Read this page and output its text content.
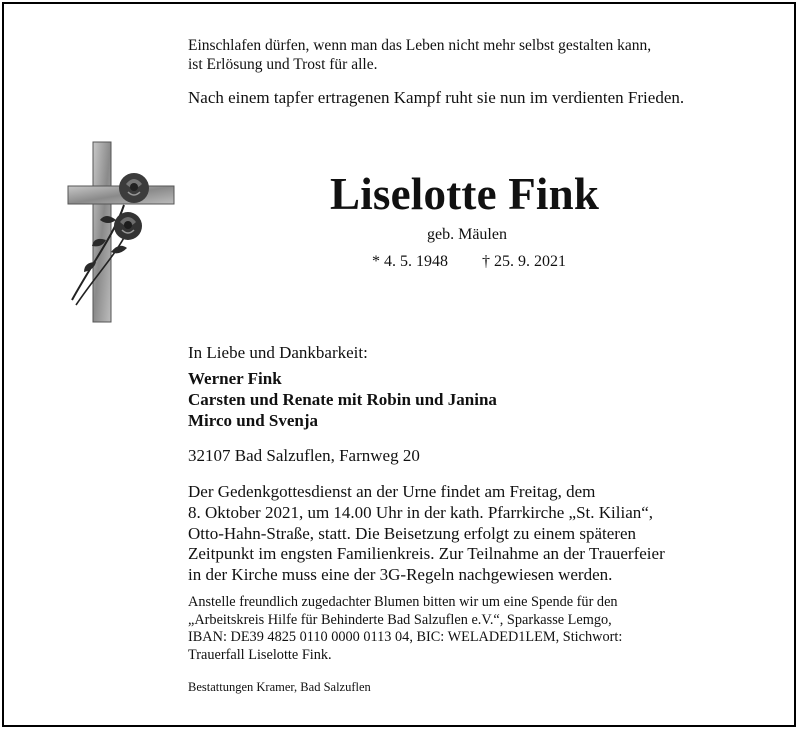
Einschlafen dürfen, wenn man das Leben nicht mehr selbst gestalten kann,
ist Erlösung und Trost für alle.
Nach einem tapfer ertragenen Kampf ruht sie nun im verdienten Frieden.
Liselotte Fink
geb. Mäulen
* 4. 5. 1948 † 25. 9. 2021
In Liebe und Dankbarkeit:
Werner Fink
Carsten und Renate mit Robin und Janina
Mirco und Svenja
32107 Bad Salzuflen, Farnweg 20
Der Gedenkgottesdienst an der Urne findet am Freitag, dem
8. Oktober 2021, um 14.00 Uhr in der kath. Pfarrkirche „St. Kilian“,
Otto-Hahn-Straße, statt. Die Beisetzung erfolgt zu einem späteren
Zeitpunkt im engsten Familienkreis. Zur Teilnahme an der Trauerfeier
in der Kirche muss eine der 3G-Regeln nachgewiesen werden.
Anstelle freundlich zugedachter Blumen bitten wir um eine Spende für den
„Arbeitskreis Hilfe für Behinderte Bad Salzuflen e.V.“, Sparkasse Lemgo,
IBAN: DE39 4825 0110 0000 0113 04, BIC: WELADED1LEM, Stichwort:
Trauerfall Liselotte Fink.
Bestattungen Kramer, Bad Salzuflen
